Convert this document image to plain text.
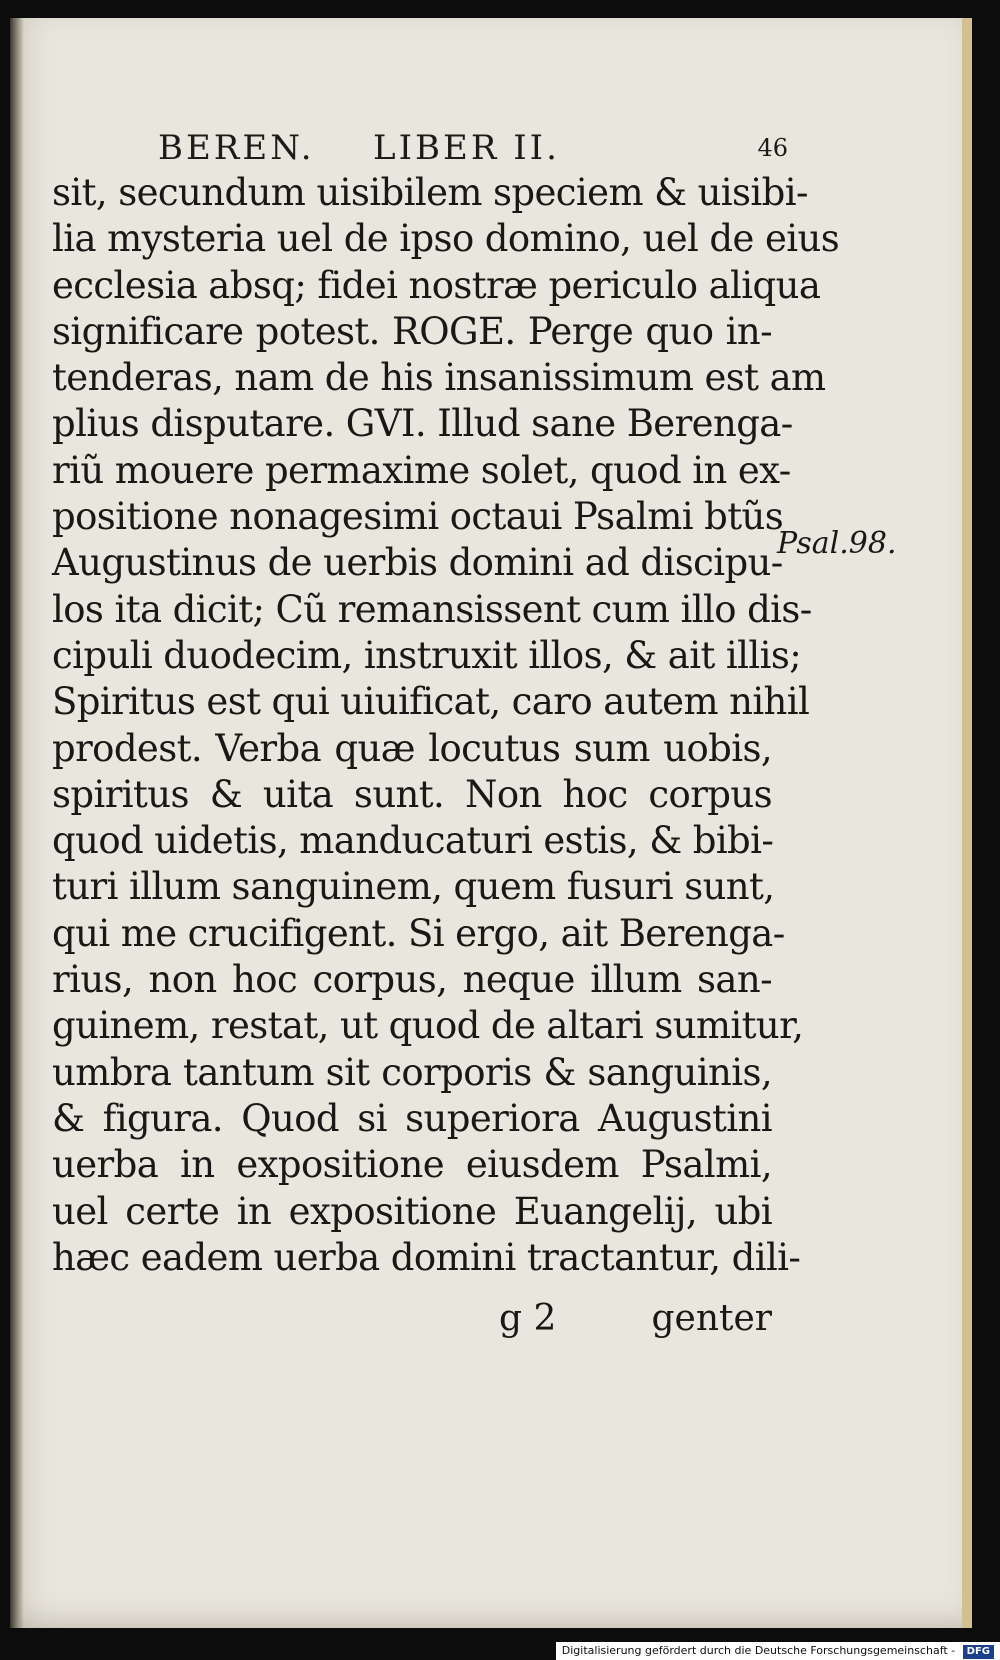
BEREN. LIBER II.	46
sit, secundum uisibilem speciem & uisibi-
lia mysteria uel de ipso domino, uel de eius
ecclesia absq; fidei nostræ periculo aliqua
significare potest. ROGE. Perge quo in-
tenderas, nam de his insanissimum est am
plius disputare. GVI. Illud sane Berenga-
riũ mouere permaxime solet, quod in ex-
positione nonagesimi octaui Psalmi btũs
Augustinus de uerbis domini ad discipu-
los ita dicit; Cũ remansissent cum illo dis-
cipuli duodecim, instruxit illos, & ait illis;
Spiritus est qui uiuificat, caro autem nihil
prodest. Verba quæ locutus sum uobis,
spiritus & uita sunt. Non hoc corpus
quod uidetis, manducaturi estis, & bibi-
turi illum sanguinem, quem fusuri sunt,
qui me crucifigent. Si ergo, ait Berenga-
rius, non hoc corpus, neque illum san-
guinem, restat, ut quod de altari sumitur,
umbra tantum sit corporis & sanguinis,
& figura. Quod si superiora Augustini
uerba in expositione eiusdem Psalmi,
uel certe in expositione Euangelij, ubi
hæc eadem uerba domini tractantur, dili-
Psal.98.
g 2	genter
Digitalisierung gefördert durch die Deutsche Forschungsgemeinschaft - DFG
